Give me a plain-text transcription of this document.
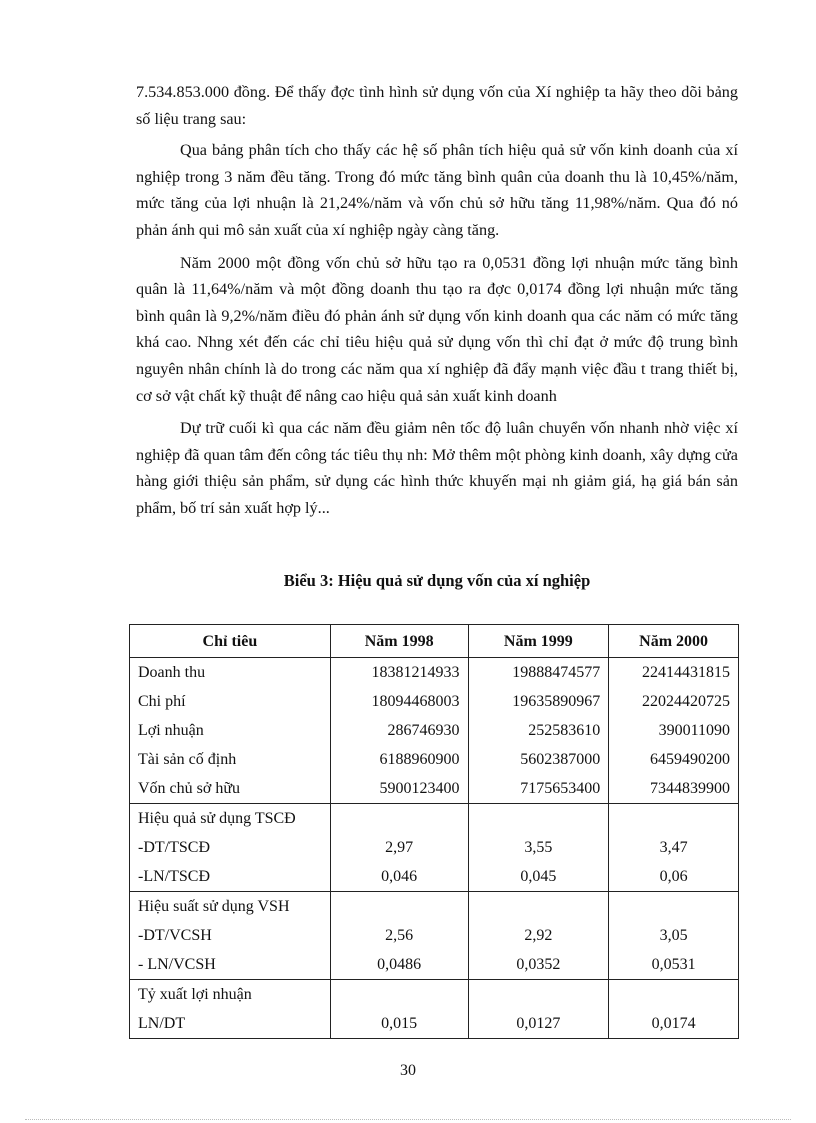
7.534.853.000 đồng. Để thấy đợc tình hình sử dụng vốn của Xí nghiệp ta hãy theo dõi bảng số liệu trang sau:

Qua bảng phân tích cho thấy các hệ số phân tích hiệu quả sử vốn kinh doanh của xí nghiệp trong 3 năm đều tăng. Trong đó mức tăng bình quân của doanh thu là 10,45%/năm, mức tăng của lợi nhuận là 21,24%/năm và vốn chủ sở hữu tăng 11,98%/năm. Qua đó nó phản ánh qui mô sản xuất của xí nghiệp ngày càng tăng.

Năm 2000 một đồng vốn chủ sở hữu tạo ra 0,0531 đồng lợi nhuận mức tăng bình quân là 11,64%/năm và một đồng doanh thu tạo ra đợc 0,0174 đồng lợi nhuận mức tăng bình quân là 9,2%/năm điều đó phản ánh sử dụng vốn kinh doanh qua các năm có mức tăng khá cao. Nhng xét đến các chỉ tiêu hiệu quả sử dụng vốn thì chỉ đạt ở mức độ trung bình nguyên nhân chính là do trong các năm qua xí nghiệp đã đẩy mạnh việc đầu t trang thiết bị, cơ sở vật chất kỹ thuật để nâng cao hiệu quả sản xuất kinh doanh

Dự trữ cuối kì qua các năm đều giảm nên tốc độ luân chuyển vốn nhanh nhờ việc xí nghiệp đã quan tâm đến công tác tiêu thụ nh: Mở thêm một phòng kinh doanh, xây dựng cửa hàng giới thiệu sản phẩm, sử dụng các hình thức khuyến mại nh giảm giá, hạ giá bán sản phẩm, bố trí sản xuất hợp lý...

Biểu 3: Hiệu quả sử dụng vốn của xí nghiệp
Chỉ tiêu	Năm 1998	Năm 1999	Năm 2000
Doanh thu	18381214933	19888474577	22414431815
Chi phí	18094468003	19635890967	22024420725
Lợi nhuận	286746930	252583610	390011090
Tài sản cố định	6188960900	5602387000	6459490200
Vốn chủ sở hữu	5900123400	7175653400	7344839900
Hiệu quả sử dụng TSCĐ			
-DT/TSCĐ	2,97	3,55	3,47
-LN/TSCĐ	0,046	0,045	0,06
Hiệu suất sử dụng VSH			
-DT/VCSH	2,56	2,92	3,05
- LN/VCSH	0,0486	0,0352	0,0531
Tỷ xuất lợi nhuận			
LN/DT	0,015	0,0127	0,0174
30
